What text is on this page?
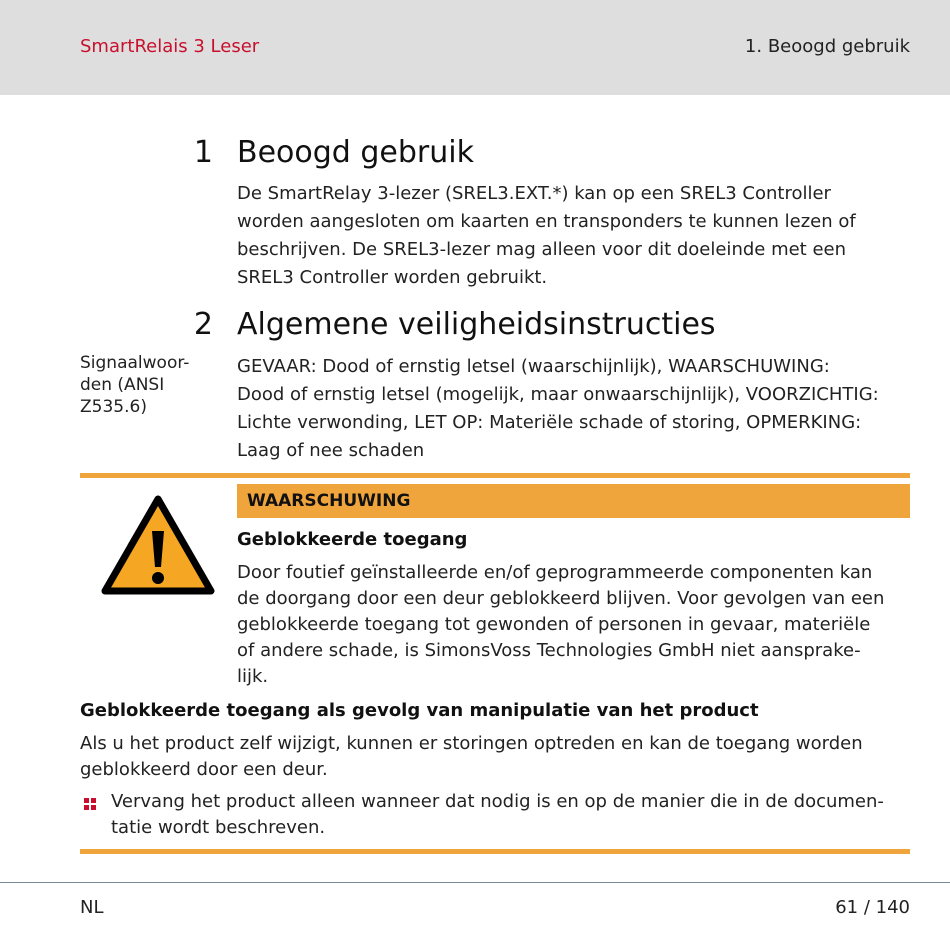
SmartRelais 3 Leser	1. Beoogd gebruik
1 Beoogd gebruik
De SmartRelay 3-lezer (SREL3.EXT.*) kan op een SREL3 Controller
worden aangesloten om kaarten en transponders te kunnen lezen of
beschrijven. De SREL3-lezer mag alleen voor dit doeleinde met een
SREL3 Controller worden gebruikt.
2 Algemene veiligheidsinstructies
Signaalwoor-
den (ANSI
Z535.6)
GEVAAR: Dood of ernstig letsel (waarschijnlijk), WAARSCHUWING:
Dood of ernstig letsel (mogelijk, maar onwaarschijnlijk), VOORZICHTIG:
Lichte verwonding, LET OP: Materiële schade of storing, OPMERKING:
Laag of nee schaden
WAARSCHUWING
Geblokkeerde toegang
Door foutief geïnstalleerde en/of geprogrammeerde componenten kan
de doorgang door een deur geblokkeerd blijven. Voor gevolgen van een
geblokkeerde toegang tot gewonden of personen in gevaar, materiële
of andere schade, is SimonsVoss Technologies GmbH niet aansprake-
lijk.
Geblokkeerde toegang als gevolg van manipulatie van het product
Als u het product zelf wijzigt, kunnen er storingen optreden en kan de toegang worden
geblokkeerd door een deur.
Vervang het product alleen wanneer dat nodig is en op de manier die in de documen-
tatie wordt beschreven.
NL	61 / 140
